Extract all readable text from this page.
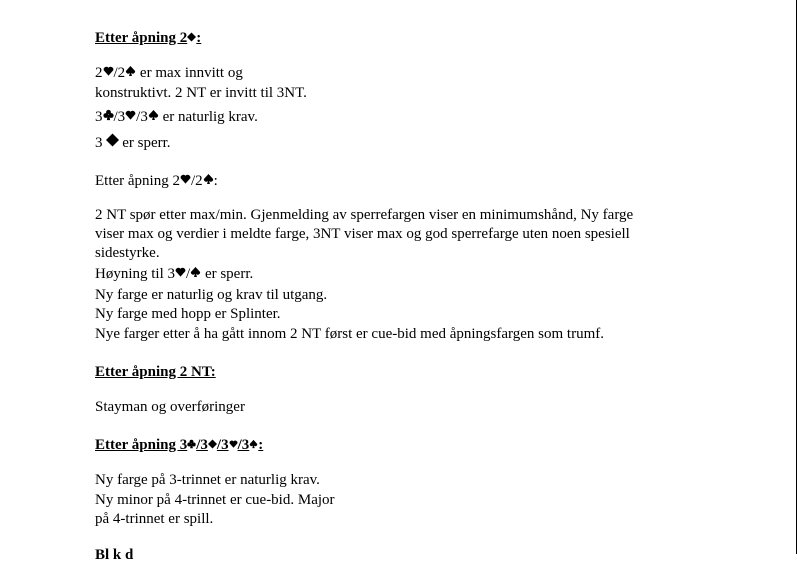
Etter åpning 2 :
2 /2
er max innvitt og
konstruktivt. 2 NT er invitt til 3NT.
3 /3 /3
er naturlig krav.
3
er sperr.
Etter åpning 2 /2 :
2 NT spør etter max/min. Gjenmelding av sperrefargen viser en minimumshånd, Ny farge
viser max og verdier i meldte farge, 3NT viser max og god sperrefarge uten noen spesiell
sidestyrke.
Høyning til 3 /
er sperr.
Ny farge er naturlig og krav til utgang.
Ny farge med hopp er Splinter.
Nye farger etter å ha gått innom 2 NT først er cue-bid med åpningsfargen som trumf.
Etter åpning 2 NT:
Stayman og overføringer
Etter åpning 3 /3 /3 /3 :
Ny farge på 3-trinnet er naturlig krav.
Ny minor på 4-trinnet er cue-bid. Major
på 4-trinnet er spill.
Bl k d
